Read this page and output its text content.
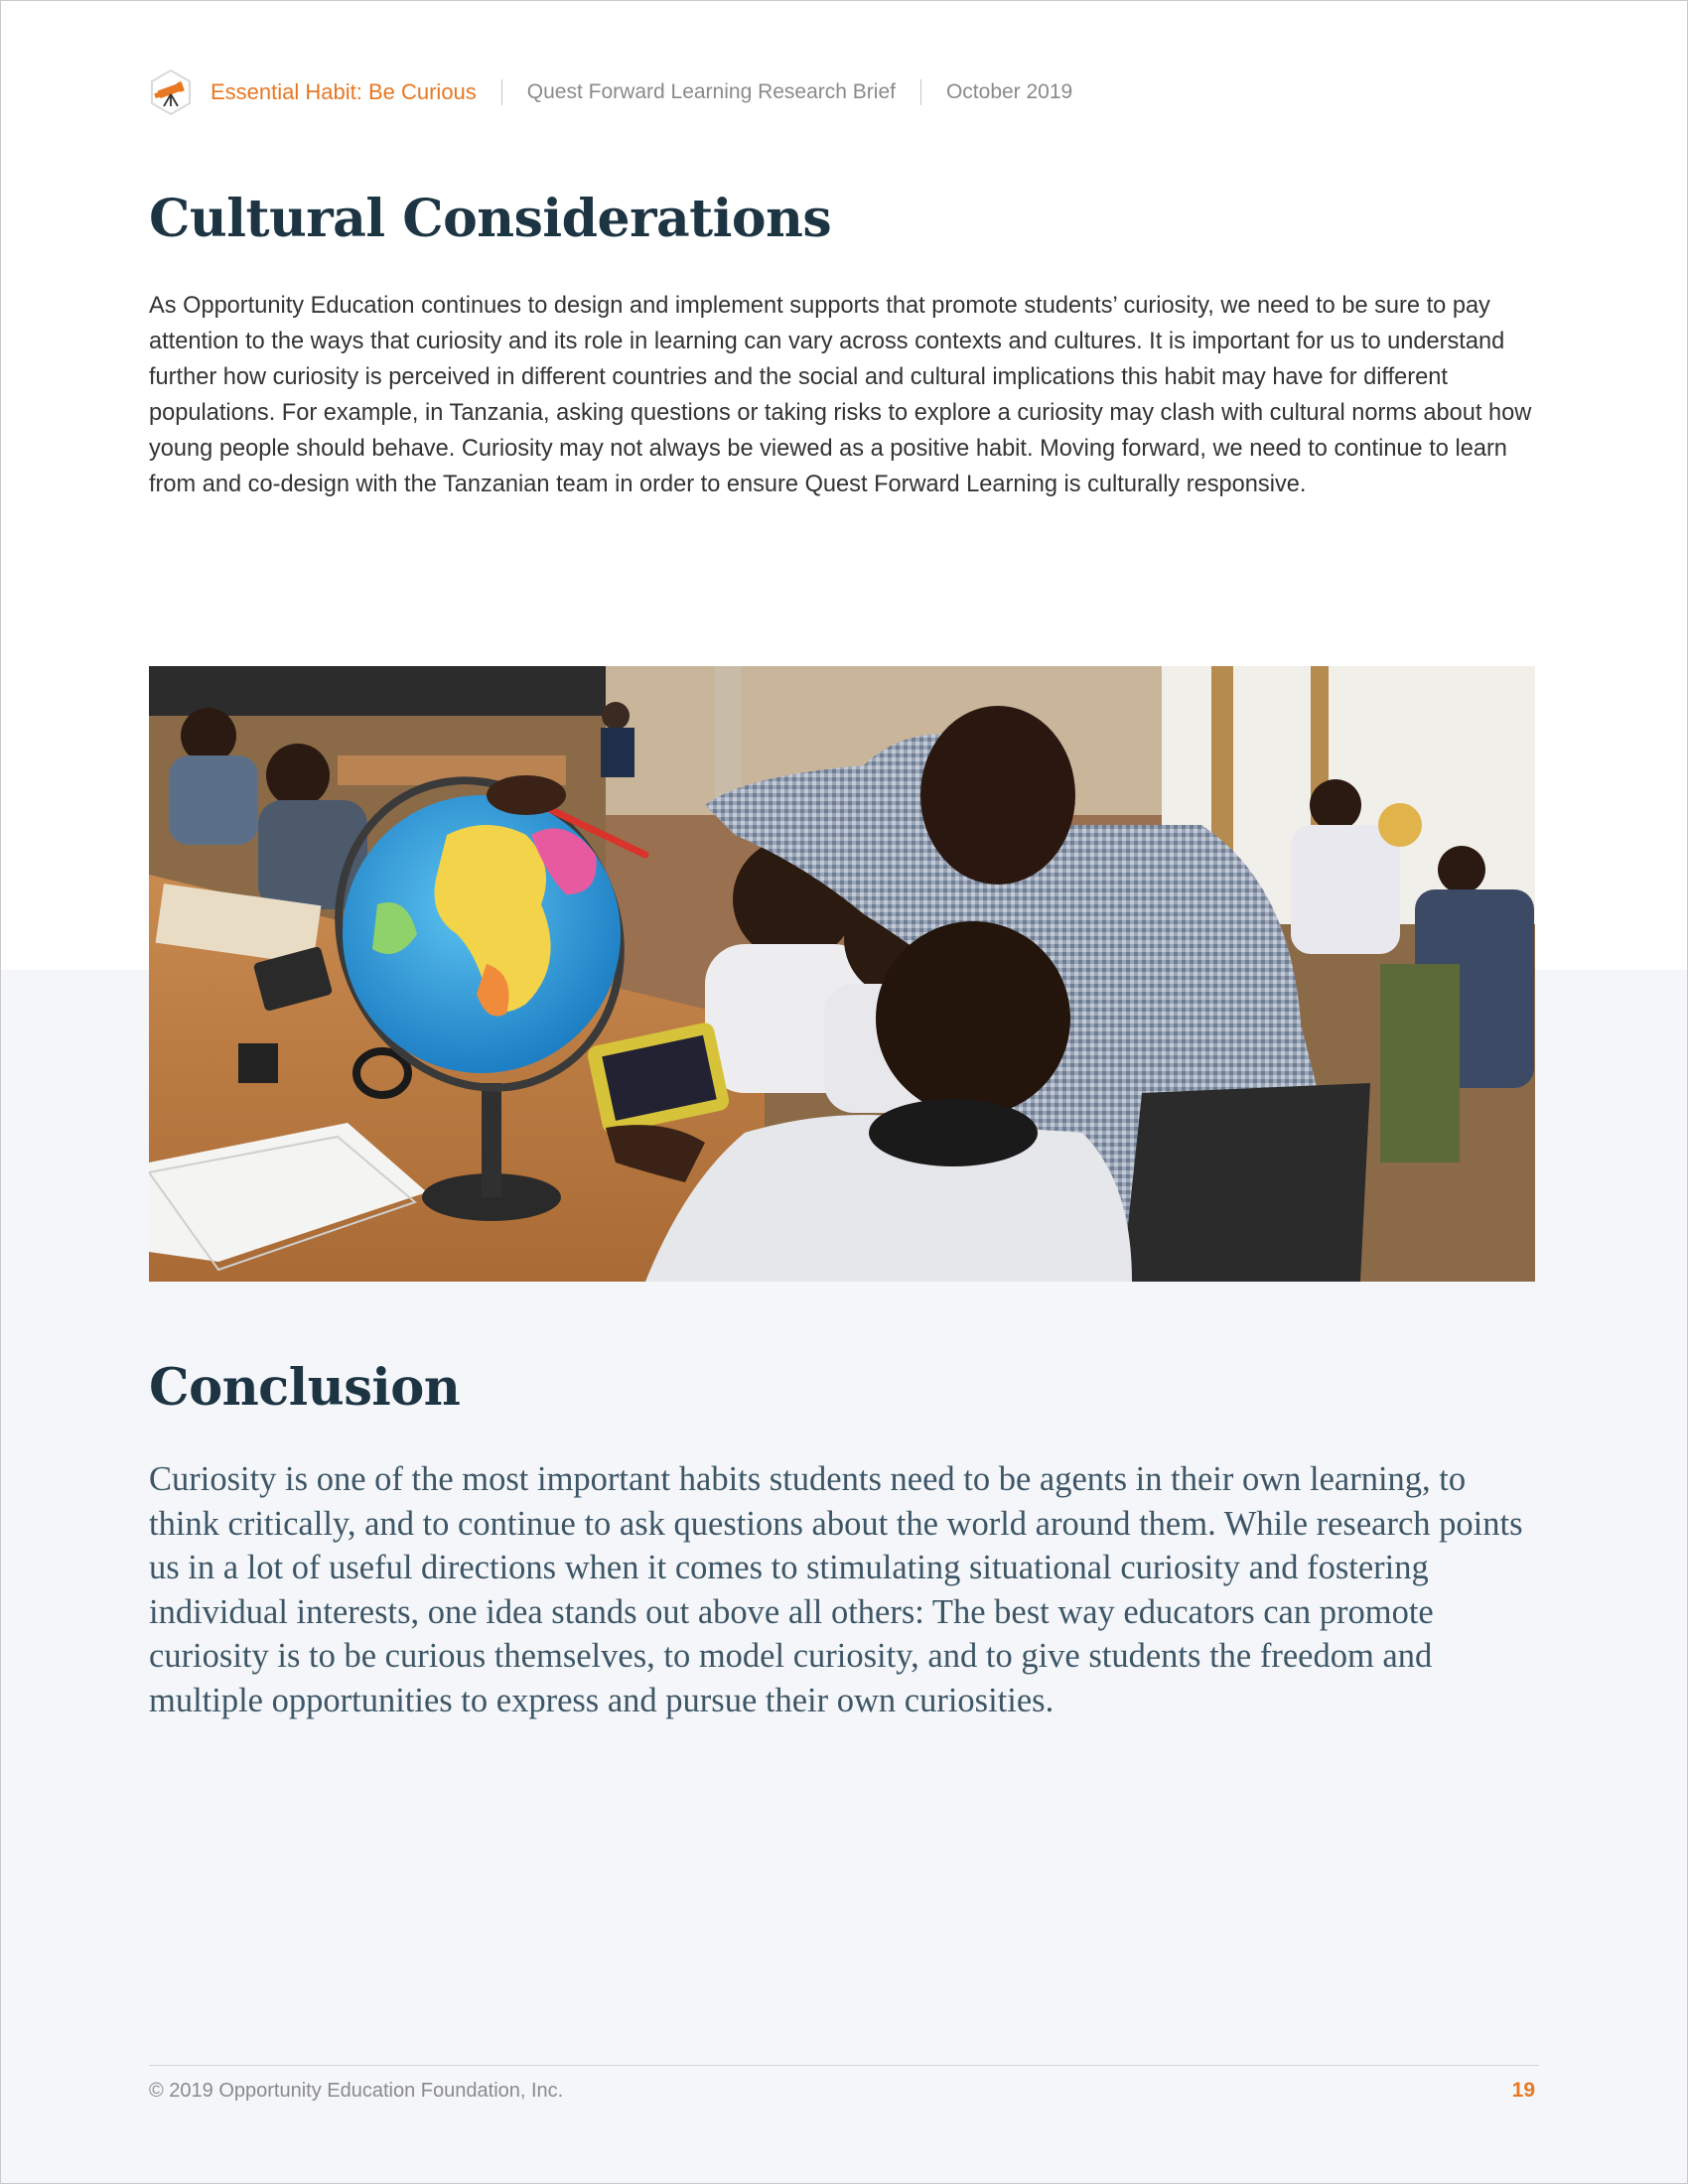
Essential Habit: Be Curious Quest Forward Learning Research Brief October 2019
Cultural Considerations

As Opportunity Education continues to design and implement supports that promote students’ curiosity, we need to be sure to pay attention to the ways that curiosity and its role in learning can vary across contexts and cultures. It is important for us to understand further how curiosity is perceived in different countries and the social and cultural implications this habit may have for different populations. For example, in Tanzania, asking questions or taking risks to explore a curiosity may clash with cultural norms about how young people should behave. Curiosity may not always be viewed as a positive habit. Moving forward, we need to continue to learn from and co-design with the Tanzanian team in order to ensure Quest Forward Learning is culturally responsive.

Conclusion

Curiosity is one of the most important habits students need to be agents in their own learning, to think critically, and to continue to ask questions about the world around them. While research points us in a lot of useful directions when it comes to stimulating situational curiosity and fostering individual interests, one idea stands out above all others: The best way educators can promote curiosity is to be curious themselves, to model curiosity, and to give students the freedom and multiple opportunities to express and pursue their own curiosities.

© 2019 Opportunity Education Foundation, Inc.	19
